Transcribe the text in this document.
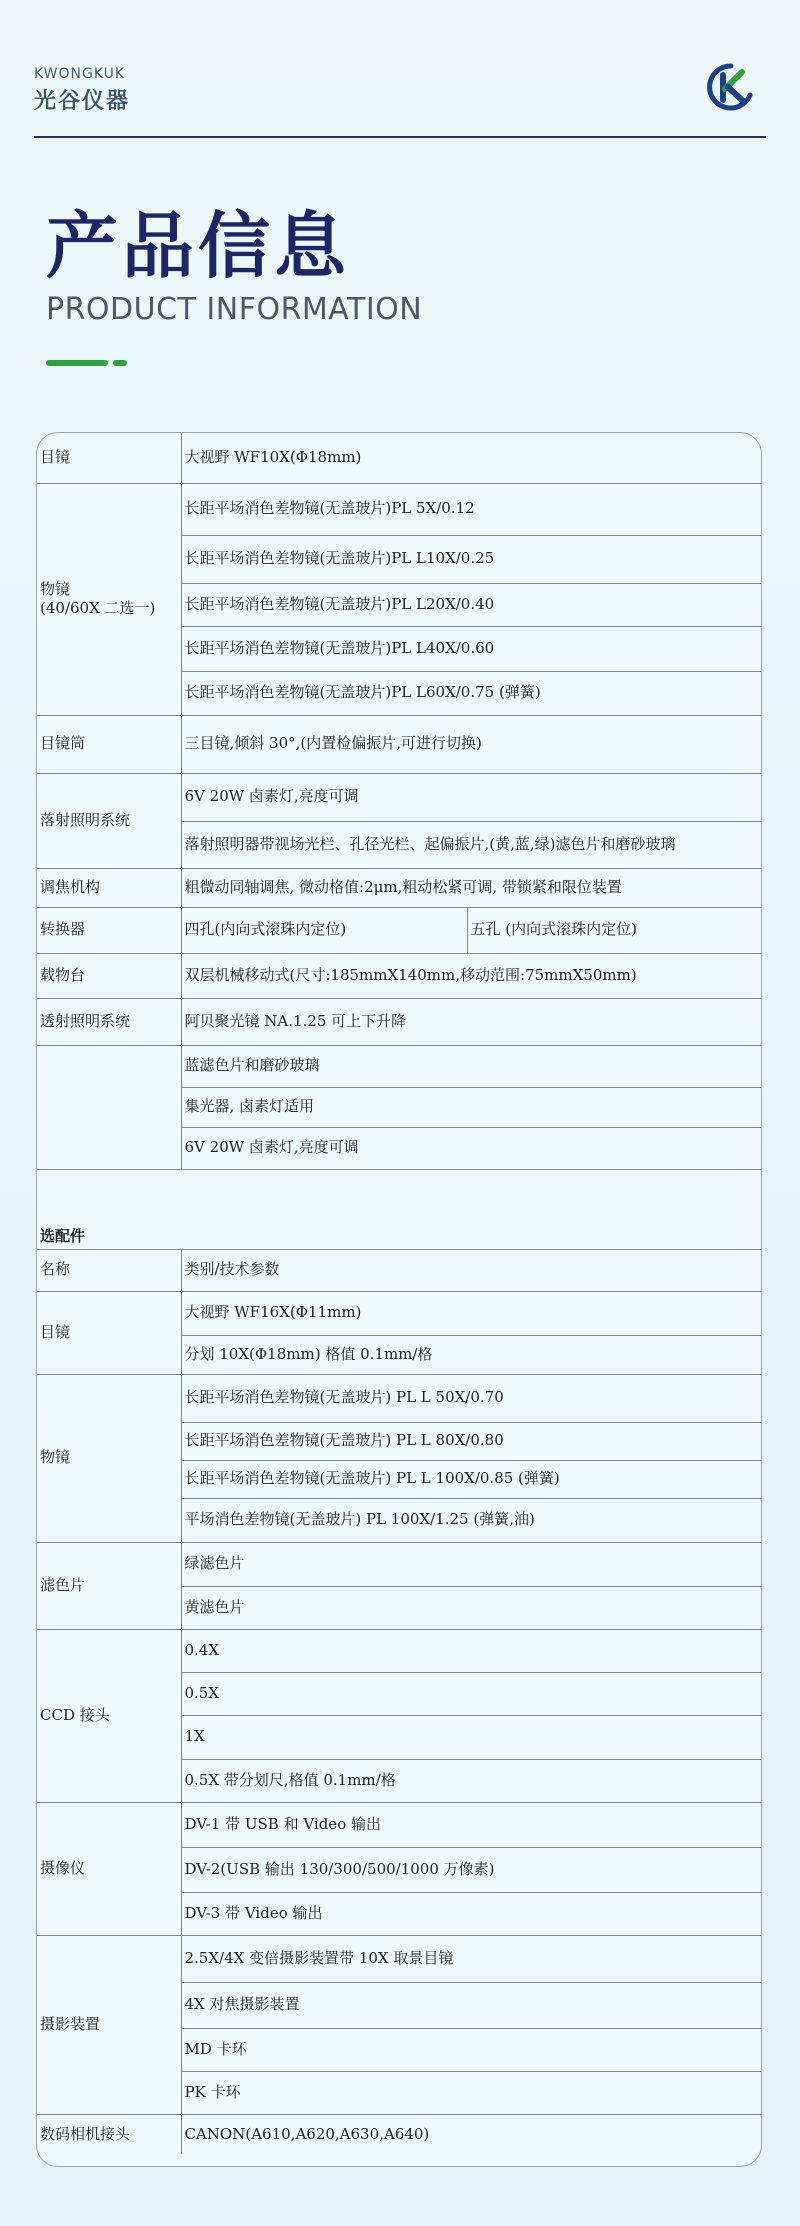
KWONGKUK
光谷仪器
产品信息
PRODUCT INFORMATION
目镜	大视野 WF10X(Φ18mm)	

物镜
(40/60X 二选一)	长距平场消色差物镜(无盖玻片)PL 5X/0.12	
	长距平场消色差物镜(无盖玻片)PL L10X/0.25	
	长距平场消色差物镜(无盖玻片)PL L20X/0.40	
	长距平场消色差物镜(无盖玻片)PL L40X/0.60	
	长距平场消色差物镜(无盖玻片)PL L60X/0.75 (弹簧)	
目镜筒	三目镜,倾斜 30°,(内置检偏振片,可进行切换)	
落射照明系统	6V 20W 卤素灯,亮度可调	
	落射照明器带视场光栏、孔径光栏、起偏振片,(黄,蓝,绿)滤色片和磨砂玻璃	
调焦机构	粗微动同轴调焦, 微动格值:2μm,粗动松紧可调, 带锁紧和限位装置	
转换器	四孔(内向式滚珠内定位)	五孔 (内向式滚珠内定位)
载物台	双层机械移动式(尺寸:185mmX140mm,移动范围:75mmX50mm)	
透射照明系统	阿贝聚光镜 NA.1.25 可上下升降	
	蓝滤色片和磨砂玻璃	
	集光器, 卤素灯适用	
	6V 20W 卤素灯,亮度可调	
选配件		
名称	类别/技术参数	
目镜	大视野 WF16X(Φ11mm)	
	分划 10X(Φ18mm) 格值 0.1mm/格	
物镜	长距平场消色差物镜(无盖玻片) PL L 50X/0.70	
	长距平场消色差物镜(无盖玻片) PL L 80X/0.80	
	长距平场消色差物镜(无盖玻片) PL L 100X/0.85 (弹簧)	
	平场消色差物镜(无盖玻片) PL 100X/1.25 (弹簧,油)	
滤色片	绿滤色片	
	黄滤色片	
CCD 接头	0.4X	
	0.5X	
	1X	
	0.5X 带分划尺,格值 0.1mm/格	
摄像仪	DV-1 带 USB 和 Video 输出	
	DV-2(USB 输出 130/300/500/1000 万像素)	
	DV-3 带 Video 输出	
摄影装置	2.5X/4X 变倍摄影装置带 10X 取景目镜	
	4X 对焦摄影装置	
	MD 卡环	
	PK 卡环	
数码相机接头	CANON(A610,A620,A630,A640)	
